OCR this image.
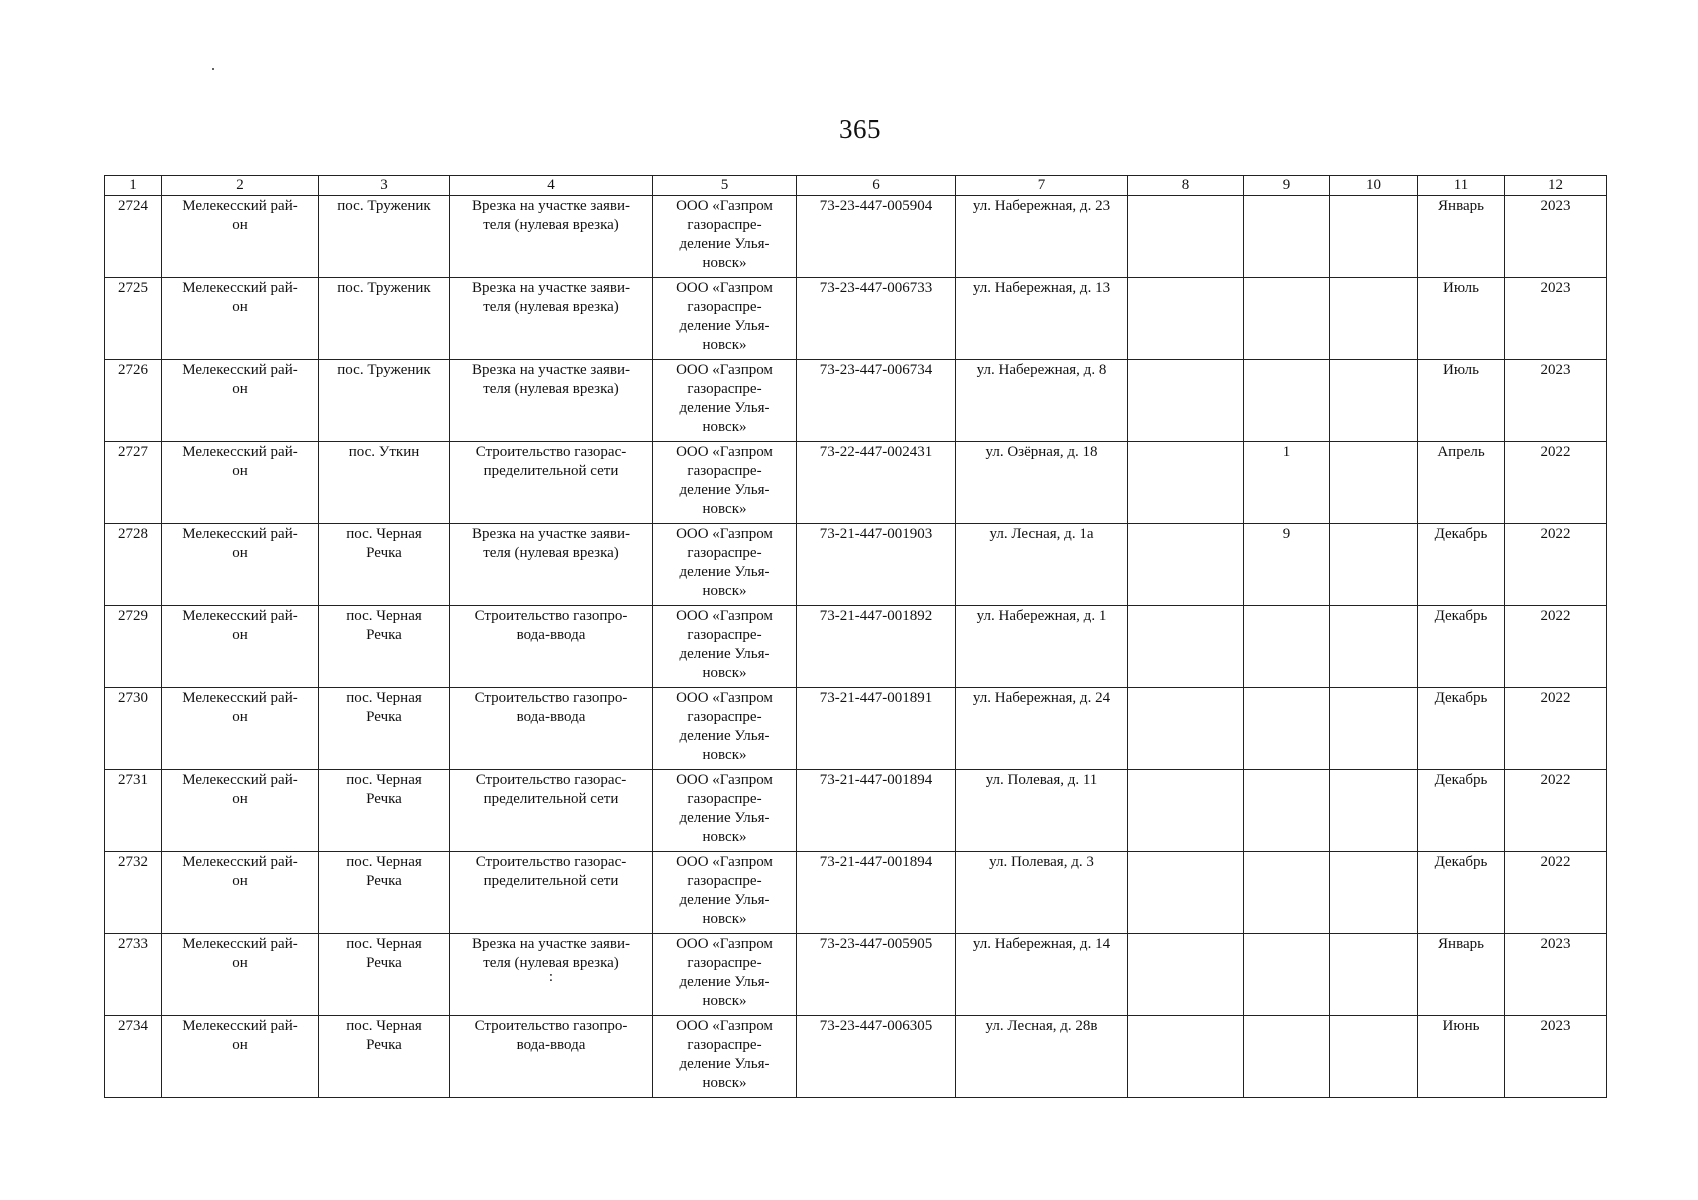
365
1	2	3	4	5	6	7	8	9	10	11	12

2724	Мелекесский рай-
он	пос. Труженик	Врезка на участке заяви-
теля (нулевая врезка)	ООО «Газпром
газораспре-
деление Улья-
новск»	73-23-447-005904	ул. Набережная, д. 23				Январь	2023

2725	Мелекесский рай-
он	пос. Труженик	Врезка на участке заяви-
теля (нулевая врезка)	ООО «Газпром
газораспре-
деление Улья-
новск»	73-23-447-006733	ул. Набережная, д. 13				Июль	2023

2726	Мелекесский рай-
он	пос. Труженик	Врезка на участке заяви-
теля (нулевая врезка)	ООО «Газпром
газораспре-
деление Улья-
новск»	73-23-447-006734	ул. Набережная, д. 8				Июль	2023

2727	Мелекесский рай-
он	пос. Уткин	Строительство газорас-
пределительной сети	ООО «Газпром
газораспре-
деление Улья-
новск»	73-22-447-002431	ул. Озёрная, д. 18		1		Апрель	2022

2728	Мелекесский рай-
он	пос. Черная
Речка	Врезка на участке заяви-
теля (нулевая врезка)	ООО «Газпром
газораспре-
деление Улья-
новск»	73-21-447-001903	ул. Лесная, д. 1а		9		Декабрь	2022

2729	Мелекесский рай-
он	пос. Черная
Речка	Строительство газопро-
вода-ввода	ООО «Газпром
газораспре-
деление Улья-
новск»	73-21-447-001892	ул. Набережная, д. 1				Декабрь	2022

2730	Мелекесский рай-
он	пос. Черная
Речка	Строительство газопро-
вода-ввода	ООО «Газпром
газораспре-
деление Улья-
новск»	73-21-447-001891	ул. Набережная, д. 24				Декабрь	2022

2731	Мелекесский рай-
он	пос. Черная
Речка	Строительство газорас-
пределительной сети	ООО «Газпром
газораспре-
деление Улья-
новск»	73-21-447-001894	ул. Полевая, д. 11				Декабрь	2022

2732	Мелекесский рай-
он	пос. Черная
Речка	Строительство газорас-
пределительной сети	ООО «Газпром
газораспре-
деление Улья-
новск»	73-21-447-001894	ул. Полевая, д. 3				Декабрь	2022

2733	Мелекесский рай-
он	пос. Черная
Речка	Врезка на участке заяви-
теля (нулевая врезка)
:	ООО «Газпром
газораспре-
деление Улья-
новск»	73-23-447-005905	ул. Набережная, д. 14				Январь	2023

2734	Мелекесский рай-
он	пос. Черная
Речка	Строительство газопро-
вода-ввода	ООО «Газпром
газораспре-
деление Улья-
новск»	73-23-447-006305	ул. Лесная, д. 28в				Июнь	2023
